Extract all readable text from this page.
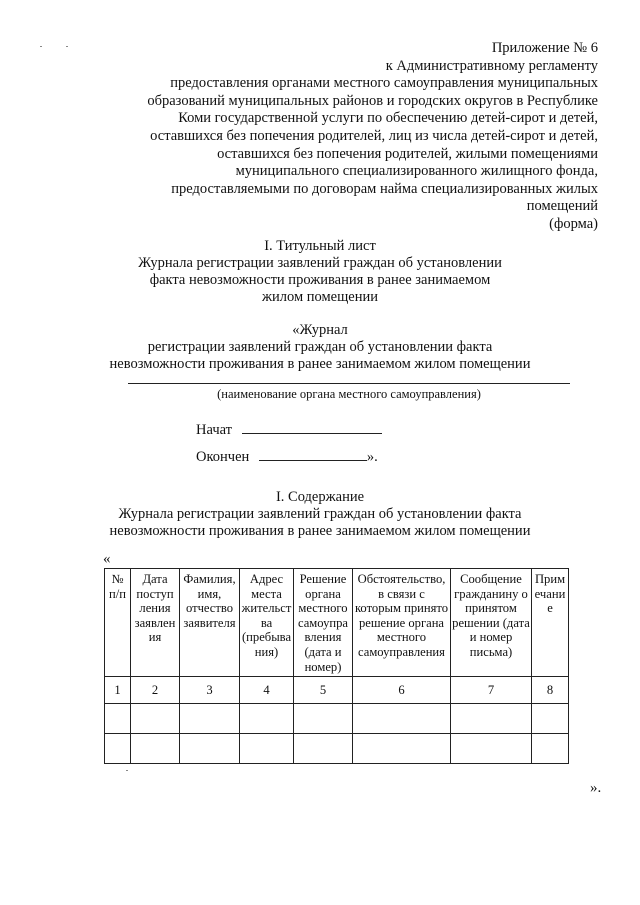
Приложение № 6
к Административному регламенту
предоставления органами местного самоуправления муниципальных
образований муниципальных районов и городских округов в Республике
Коми государственной услуги по обеспечению детей-сирот и детей,
оставшихся без попечения родителей, лиц из числа детей-сирот и детей,
оставшихся без попечения родителей, жилыми помещениями
муниципального специализированного жилищного фонда,
предоставляемыми по договорам найма специализированных жилых
помещений
(форма)
I. Титульный лист
Журнала регистрации заявлений граждан об установлении
факта невозможности проживания в ранее занимаемом
жилом помещении
«Журнал
регистрации заявлений граждан об установлении факта
невозможности проживания в ранее занимаемом жилом помещении
(наименование органа местного самоуправления)
Начат
Окончен	».
I. Содержание
Журнала регистрации заявлений граждан об установлении факта
невозможности проживания в ранее занимаемом жилом помещении
«
№ п/п	Дата поступ ления заявлен ия	Фамилия, имя, отчество заявителя	Адрес места жительст ва (пребыва ния)	Решение органа местного самоупра вления (дата и номер)	Обстоятельство, в связи с которым принято решение органа местного самоуправления	Сообщение гражданину о принятом решении (дата и номер письма)	Прим ечани е
1	2	3	4	5	6	7	8

».
